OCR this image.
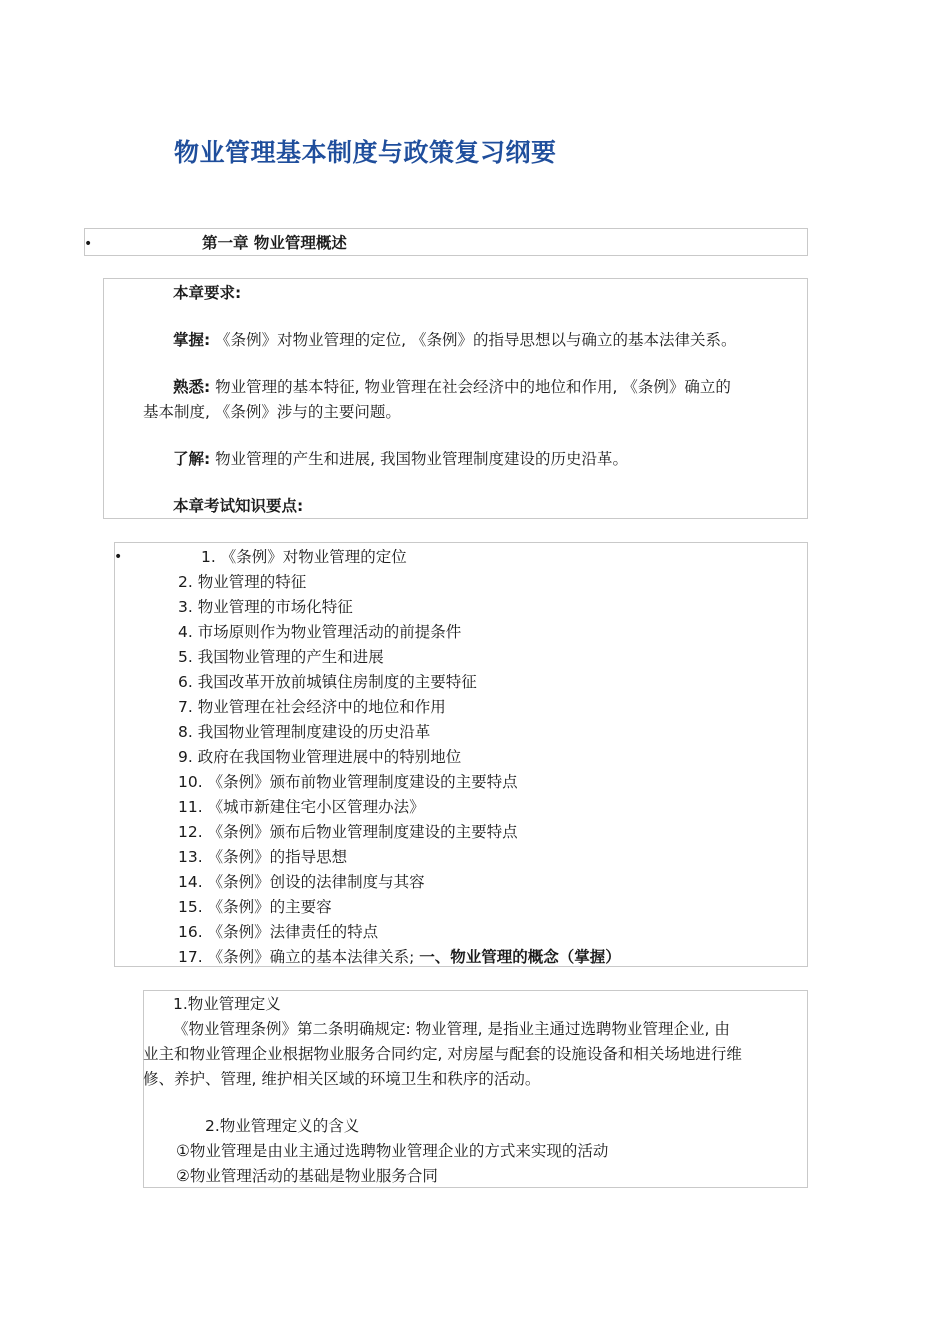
物业管理基本制度与政策复习纲要
•	第一章 物业管理概述
本章要求:
掌握: 《条例》对物业管理的定位, 《条例》的指导思想以与确立的基本法律关系。
熟悉: 物业管理的基本特征, 物业管理在社会经济中的地位和作用, 《条例》确立的
基本制度, 《条例》涉与的主要问题。
了解: 物业管理的产生和进展, 我国物业管理制度建设的历史沿革。
本章考试知识要点:
•	1. 《条例》对物业管理的定位
2. 物业管理的特征
3. 物业管理的市场化特征
4. 市场原则作为物业管理活动的前提条件
5. 我国物业管理的产生和进展
6. 我国改革开放前城镇住房制度的主要特征
7. 物业管理在社会经济中的地位和作用
8. 我国物业管理制度建设的历史沿革
9. 政府在我国物业管理进展中的特别地位
10. 《条例》颁布前物业管理制度建设的主要特点
11. 《城市新建住宅小区管理办法》
12. 《条例》颁布后物业管理制度建设的主要特点
13. 《条例》的指导思想
14. 《条例》创设的法律制度与其容
15. 《条例》的主要容
16. 《条例》法律责任的特点
17. 《条例》确立的基本法律关系; 一、物业管理的概念（掌握）
1.物业管理定义
《物业管理条例》第二条明确规定: 物业管理, 是指业主通过选聘物业管理企业, 由
业主和物业管理企业根据物业服务合同约定, 对房屋与配套的设施设备和相关场地进行维
修、养护、管理, 维护相关区域的环境卫生和秩序的活动。
2.物业管理定义的含义
①物业管理是由业主通过选聘物业管理企业的方式来实现的活动
②物业管理活动的基础是物业服务合同
